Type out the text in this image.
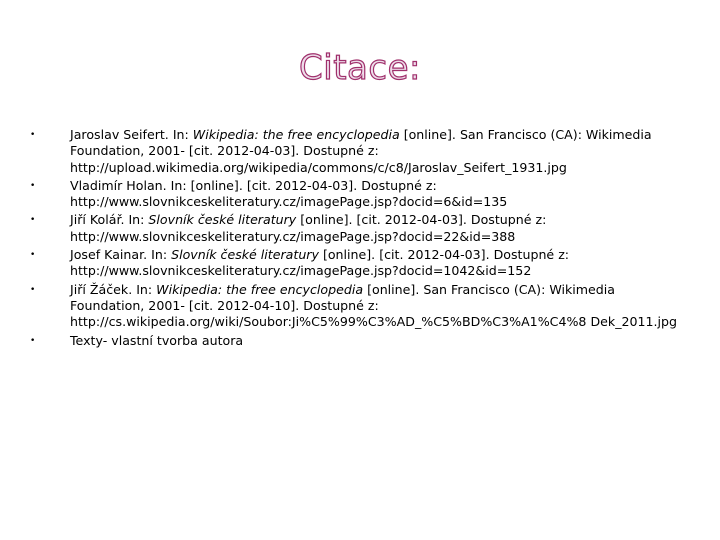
Citace:
•	Jaroslav Seifert. In: Wikipedia: the free encyclopedia [online]. San Francisco (CA): Wikimedia Foundation, 2001- [cit. 2012-04-03]. Dostupné z: http://upload.wikimedia.org/wikipedia/commons/c/c8/Jaroslav_Seifert_1931.jpg
•	Vladimír Holan. In: [online]. [cit. 2012-04-03]. Dostupné z: http://www.slovnikceskeliteratury.cz/imagePage.jsp?docid=6&id=135
•	Jiří Kolář. In: Slovník české literatury [online]. [cit. 2012-04-03]. Dostupné z: http://www.slovnikceskeliteratury.cz/imagePage.jsp?docid=22&id=388
•	Josef Kainar. In: Slovník české literatury [online]. [cit. 2012-04-03]. Dostupné z: http://www.slovnikceskeliteratury.cz/imagePage.jsp?docid=1042&id=152
•	Jiří Žáček. In: Wikipedia: the free encyclopedia [online]. San Francisco (CA): Wikimedia Foundation, 2001- [cit. 2012-04-10]. Dostupné z: http://cs.wikipedia.org/wiki/Soubor:Ji%C5%99%C3%AD_%C5%BD%C3%A1%C4%8 Dek_2011.jpg
•	Texty- vlastní tvorba autora
